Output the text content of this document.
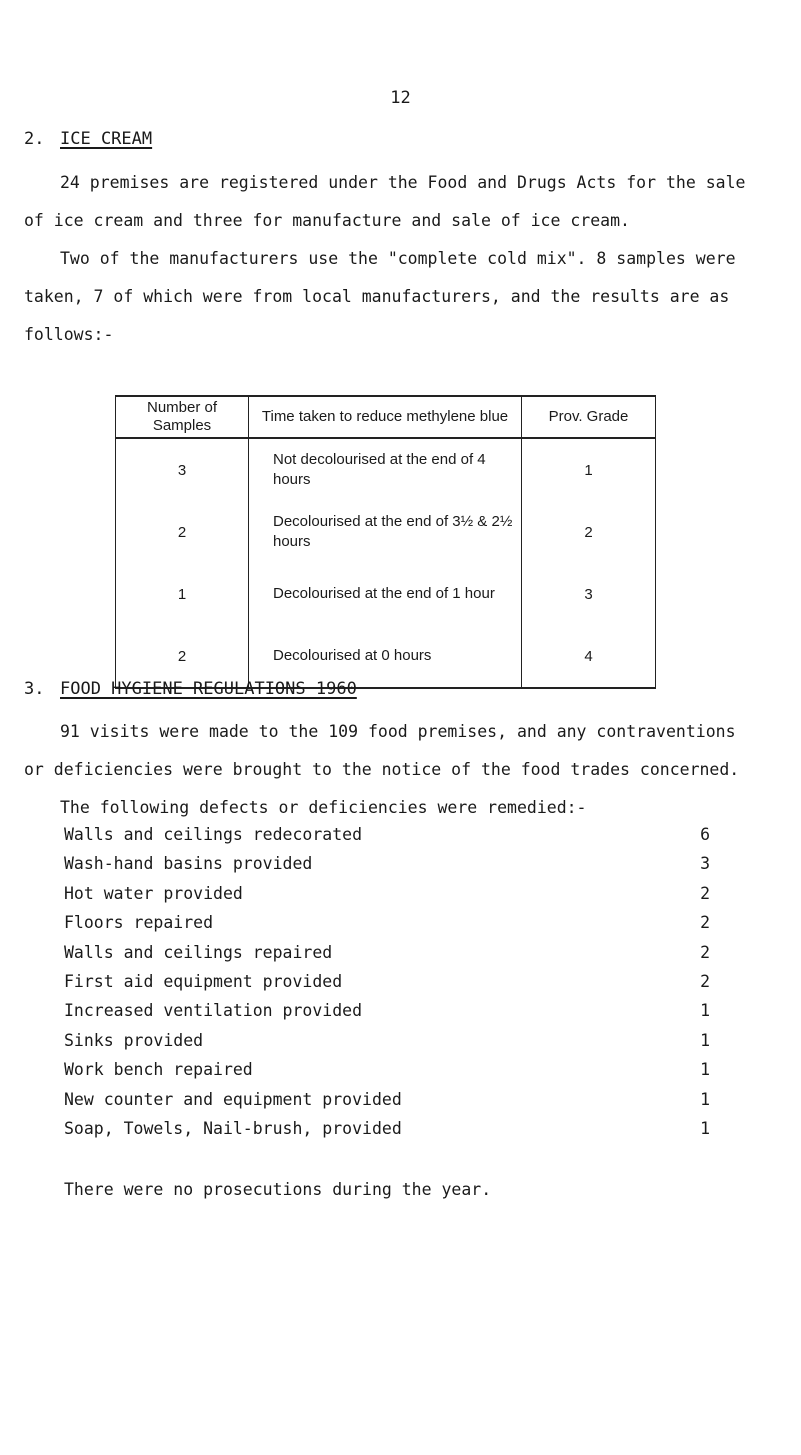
12
2. ICE CREAM
24 premises are registered under the Food and Drugs Acts for the sale
of ice cream and three for manufacture and sale of ice cream.
Two of the manufacturers use the "complete cold mix". 8 samples were
taken, 7 of which were from local manufacturers, and the results are as
follows:-
Number of Samples	Time taken to reduce methylene blue	Prov. Grade
3	Not decolourised at the end of 4 hours	1
2	Decolourised at the end of 3½ & 2½ hours	2
1	Decolourised at the end of 1 hour	3
2	Decolourised at 0 hours	4
3. FOOD HYGIENE REGULATIONS 1960
91 visits were made to the 109 food premises, and any contraventions
or deficiencies were brought to the notice of the food trades concerned.
The following defects or deficiencies were remedied:-
Walls and ceilings redecorated	6
Wash-hand basins provided	3
Hot water provided	2
Floors repaired	2
Walls and ceilings repaired	2
First aid equipment provided	2
Increased ventilation provided	1
Sinks provided	1
Work bench repaired	1
New counter and equipment provided	1
Soap, Towels, Nail-brush, provided	1
There were no prosecutions during the year.
